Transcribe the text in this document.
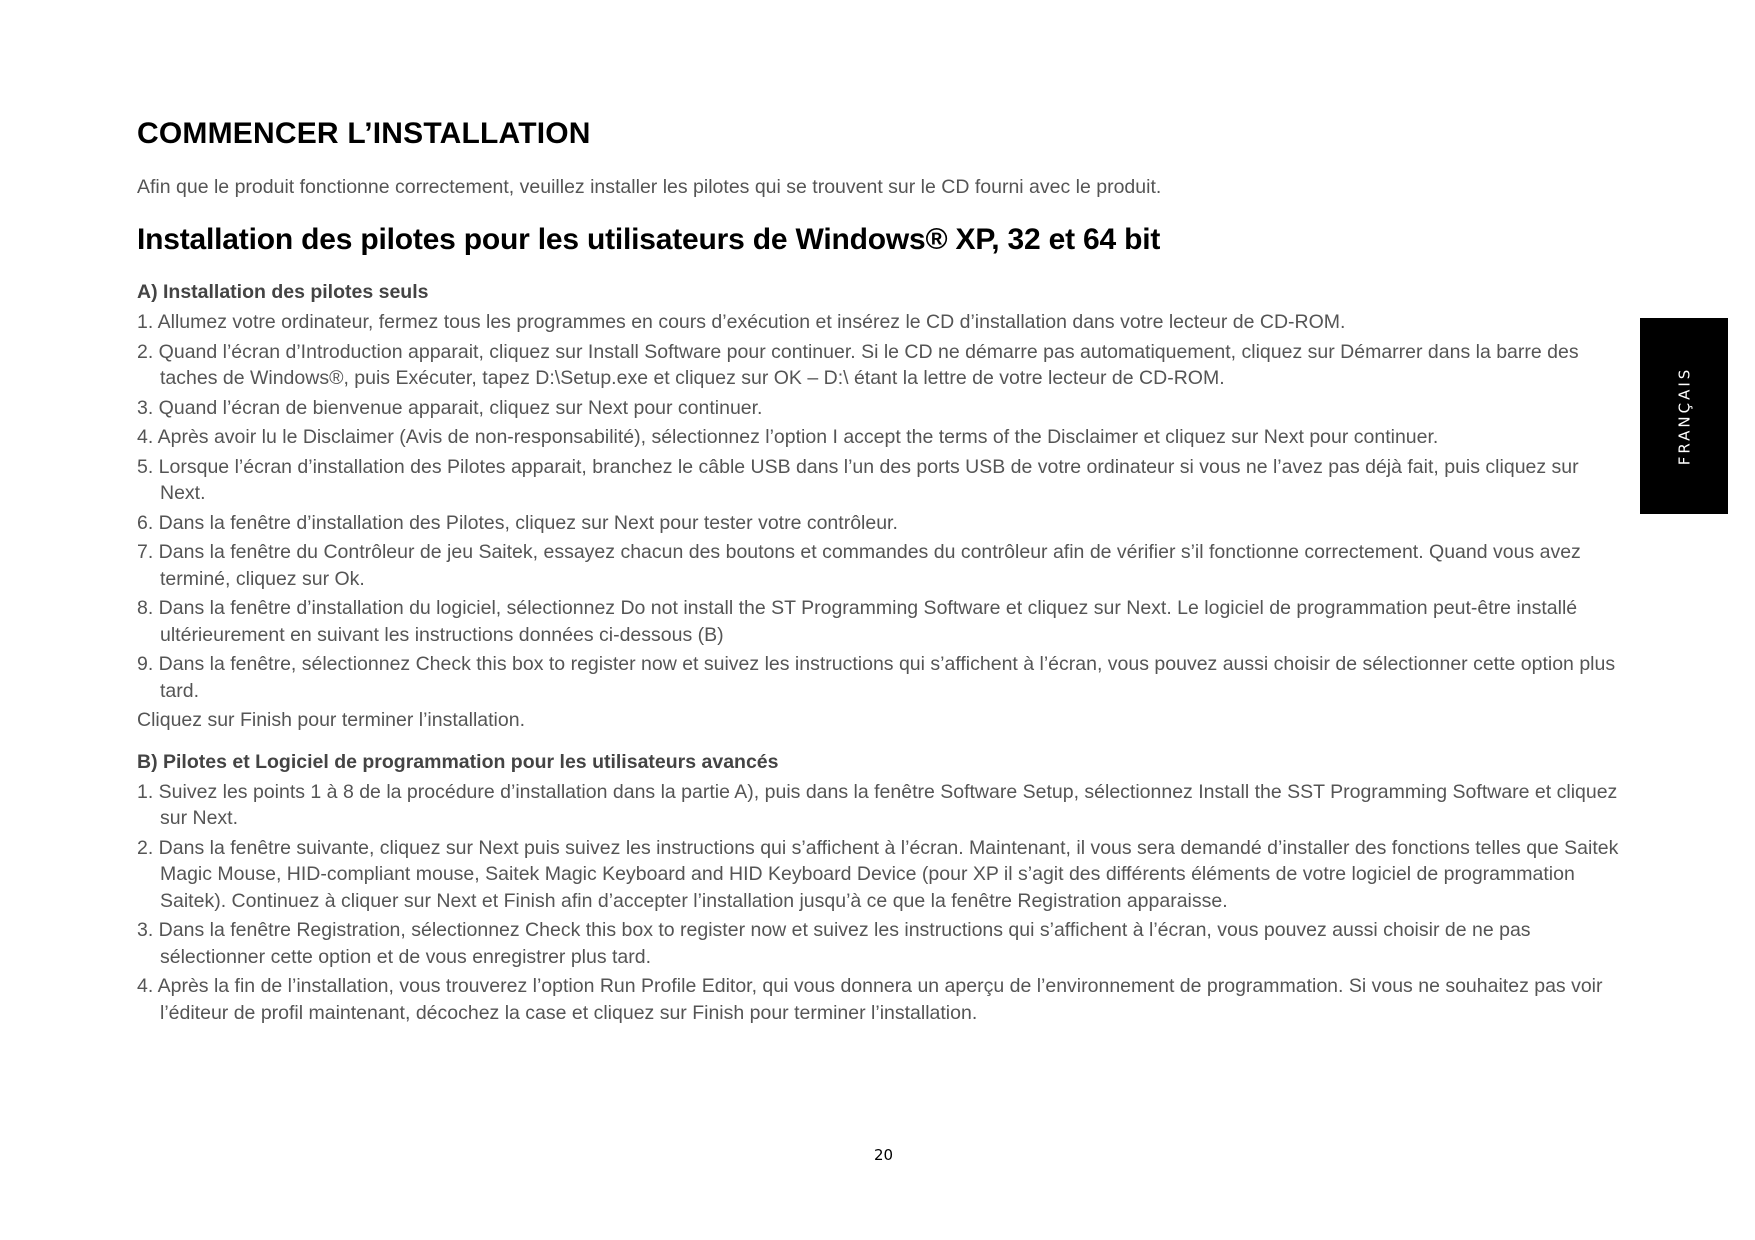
COMMENCER L’INSTALLATION

Afin que le produit fonctionne correctement, veuillez installer les pilotes qui se trouvent sur le CD fourni avec le produit.

Installation des pilotes pour les utilisateurs de Windows® XP, 32 et 64 bit
A) Installation des pilotes seuls
1. Allumez votre ordinateur, fermez tous les programmes en cours d’exécution et insérez le CD d’installation dans votre lecteur de CD-ROM.
2. Quand l’écran d’Introduction apparait, cliquez sur Install Software pour continuer. Si le CD ne démarre pas automatiquement, cliquez sur Démarrer dans la barre des taches de Windows®, puis Exécuter, tapez D:\Setup.exe et cliquez sur OK – D:\ étant la lettre de votre lecteur de CD-ROM.
3. Quand l’écran de bienvenue apparait, cliquez sur Next pour continuer.
4. Après avoir lu le Disclaimer (Avis de non-responsabilité), sélectionnez l’option I accept the terms of the Disclaimer et cliquez sur Next pour continuer.
5. Lorsque l’écran d’installation des Pilotes apparait, branchez le câble USB dans l’un des ports USB de votre ordinateur si vous ne l’avez pas déjà fait, puis cliquez sur Next.
6. Dans la fenêtre d’installation des Pilotes, cliquez sur Next pour tester votre contrôleur.
7. Dans la fenêtre du Contrôleur de jeu Saitek, essayez chacun des boutons et commandes du contrôleur afin de vérifier s’il fonctionne correctement. Quand vous avez terminé, cliquez sur Ok.
8. Dans la fenêtre d’installation du logiciel, sélectionnez Do not install the ST Programming Software et cliquez sur Next. Le logiciel de programmation peut-être installé ultérieurement en suivant les instructions données ci-dessous (B)
9. Dans la fenêtre, sélectionnez Check this box to register now et suivez les instructions qui s’affichent à l’écran, vous pouvez aussi choisir de sélectionner cette option plus tard.

Cliquez sur Finish pour terminer l’installation.

B) Pilotes et Logiciel de programmation pour les utilisateurs avancés
1. Suivez les points 1 à 8 de la procédure d’installation dans la partie A), puis dans la fenêtre Software Setup, sélectionnez Install the SST Programming Software et cliquez sur Next.
2. Dans la fenêtre suivante, cliquez sur Next puis suivez les instructions qui s’affichent à l’écran. Maintenant, il vous sera demandé d’installer des fonctions telles que Saitek Magic Mouse, HID-compliant mouse, Saitek Magic Keyboard and HID Keyboard Device (pour XP il s’agit des différents éléments de votre logiciel de programmation Saitek). Continuez à cliquer sur Next et Finish afin d’accepter l’installation jusqu’à ce que la fenêtre Registration apparaisse.
3. Dans la fenêtre Registration, sélectionnez Check this box to register now et suivez les instructions qui s’affichent à l’écran, vous pouvez aussi choisir de ne pas sélectionner cette option et de vous enregistrer plus tard.
4. Après la fin de l’installation, vous trouverez l’option Run Profile Editor, qui vous donnera un aperçu de l’environnement de programmation. Si vous ne souhaitez pas voir l’éditeur de profil maintenant, décochez la case et cliquez sur Finish pour terminer l’installation.
FRANÇAIS
20
